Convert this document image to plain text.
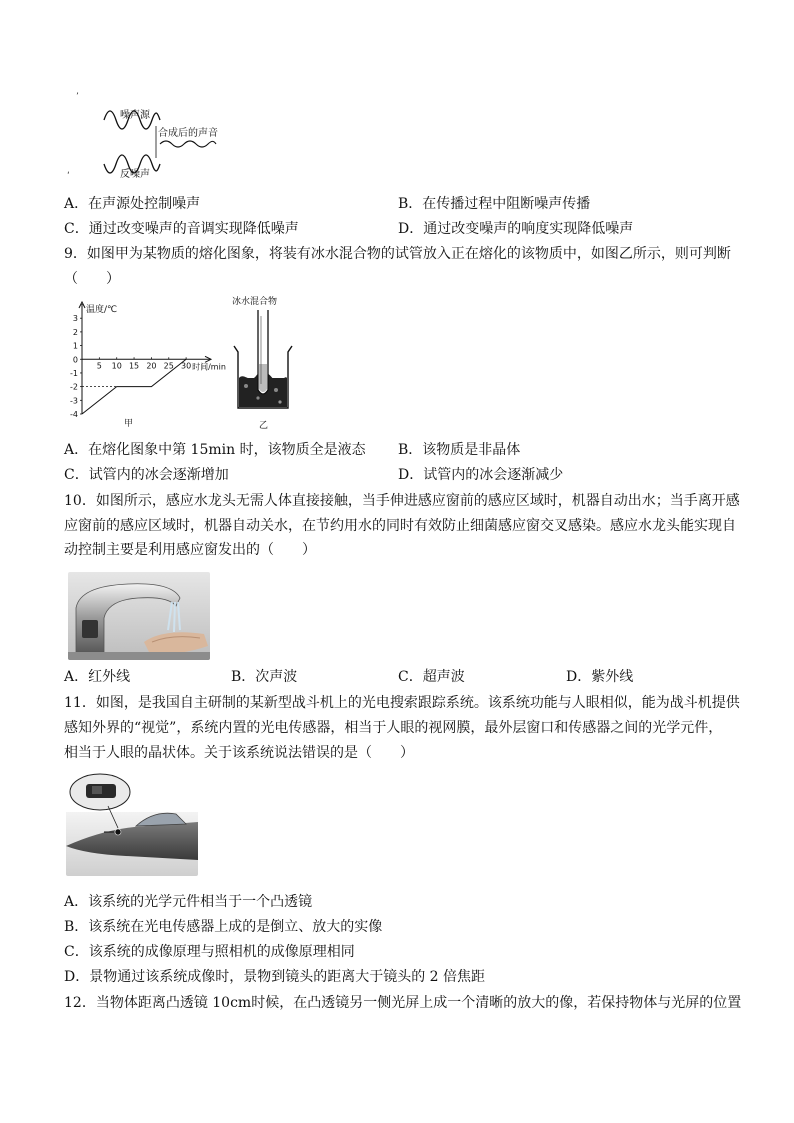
’
‘
噪声源
合成后的声音
反噪声
A．在声源处控制噪声	B．在传播过程中阻断噪声传播
C．通过改变噪声的音调实现降低噪声	D．通过改变噪声的响度实现降低噪声
9．如图甲为某物质的熔化图象，将装有冰水混合物的试管放入正在熔化的该物质中，如图乙所示，则可判断
（　　）
3
2
1
0
-1
-2
-3
-4
5 10 15 20 25 30
温度/℃
时间/min
甲
冰水混合物
乙
A．在熔化图象中第 15min 时，该物质全是液态 B．该物质是非晶体
C．试管内的冰会逐渐增加	D．试管内的冰会逐渐减少
10．如图所示，感应水龙头无需人体直接接触，当手伸进感应窗前的感应区域时，机器自动出水；当手离开感
应窗前的感应区域时，机器自动关水，在节约用水的同时有效防止细菌感应窗交叉感染。感应水龙头能实现自
动控制主要是利用感应窗发出的（　　）
A．红外线	B．次声波	C．超声波	D．紫外线
11．如图，是我国自主研制的某新型战斗机上的光电搜索跟踪系统。该系统功能与人眼相似，能为战斗机提供
感知外界的“视觉”，系统内置的光电传感器，相当于人眼的视网膜，最外层窗口和传感器之间的光学元件，
相当于人眼的晶状体。关于该系统说法错误的是（　　）
A．该系统的光学元件相当于一个凸透镜
B．该系统在光电传感器上成的是倒立、放大的实像
C．该系统的成像原理与照相机的成像原理相同
D．景物通过该系统成像时，景物到镜头的距离大于镜头的 2 倍焦距
12．当物体距离凸透镜 10cm时候，在凸透镜另一侧光屏上成一个清晰的放大的像，若保持物体与光屏的位置
